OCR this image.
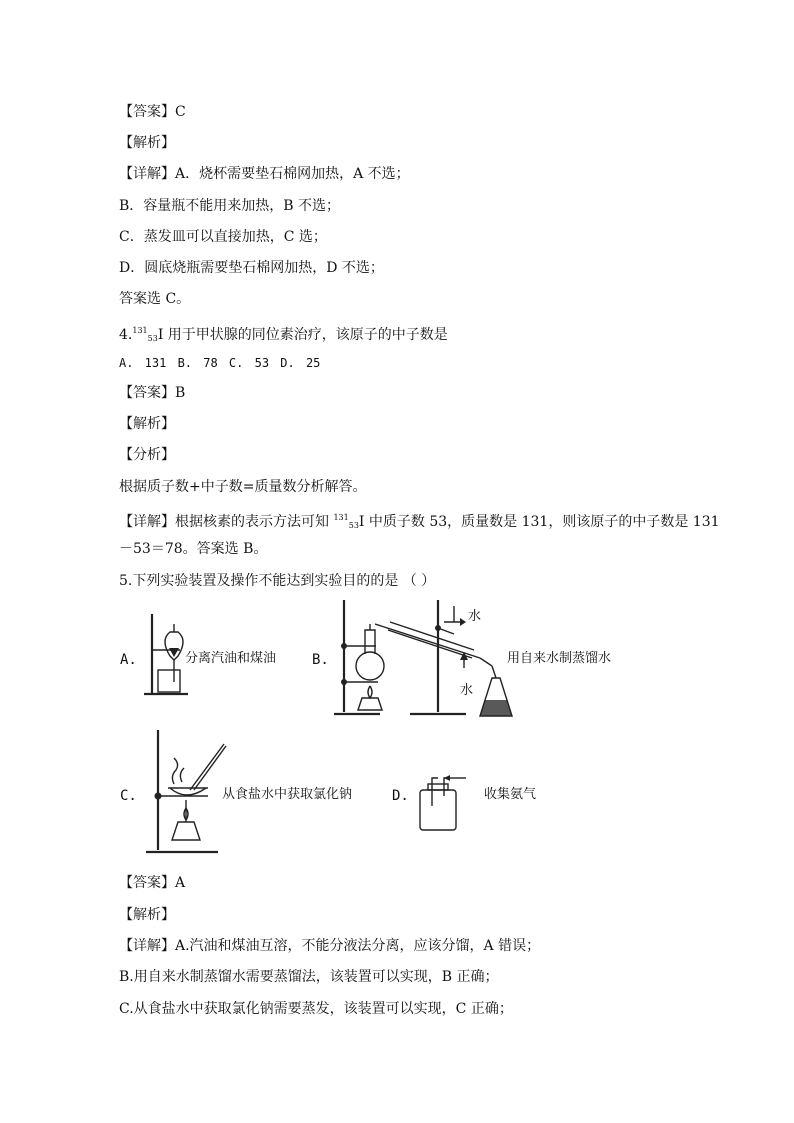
【答案】C
【解析】
【详解】A．烧杯需要垫石棉网加热，A 不选；
B．容量瓶不能用来加热，B 不选；
C．蒸发皿可以直接加热，C 选；
D．圆底烧瓶需要垫石棉网加热，D 不选；
答案选 C。
4.$^{131}_{53}$I 用于甲状腺的同位素治疗，该原子的中子数是
A. 131 B. 78 C. 53 D. 25
【答案】B
【解析】
【分析】
根据质子数+中子数=质量数分析解答。
【详解】根据核素的表示方法可知 $^{131}_{53}$I 中质子数 53，质量数是 131，则该原子的中子数是 131
－53＝78。答案选 B。
5.下列实验装置及操作不能达到实验目的的是 （ ）
A.	分离汽油和煤油	B.
水
水
用自来水制蒸馏水
C.	从食盐水中获取氯化钠	D.	收集氨气
【答案】A
【解析】
【详解】A.汽油和煤油互溶，不能分液法分离，应该分馏，A 错误；
B.用自来水制蒸馏水需要蒸馏法，该装置可以实现，B 正确；
C.从食盐水中获取氯化钠需要蒸发，该装置可以实现，C 正确；
